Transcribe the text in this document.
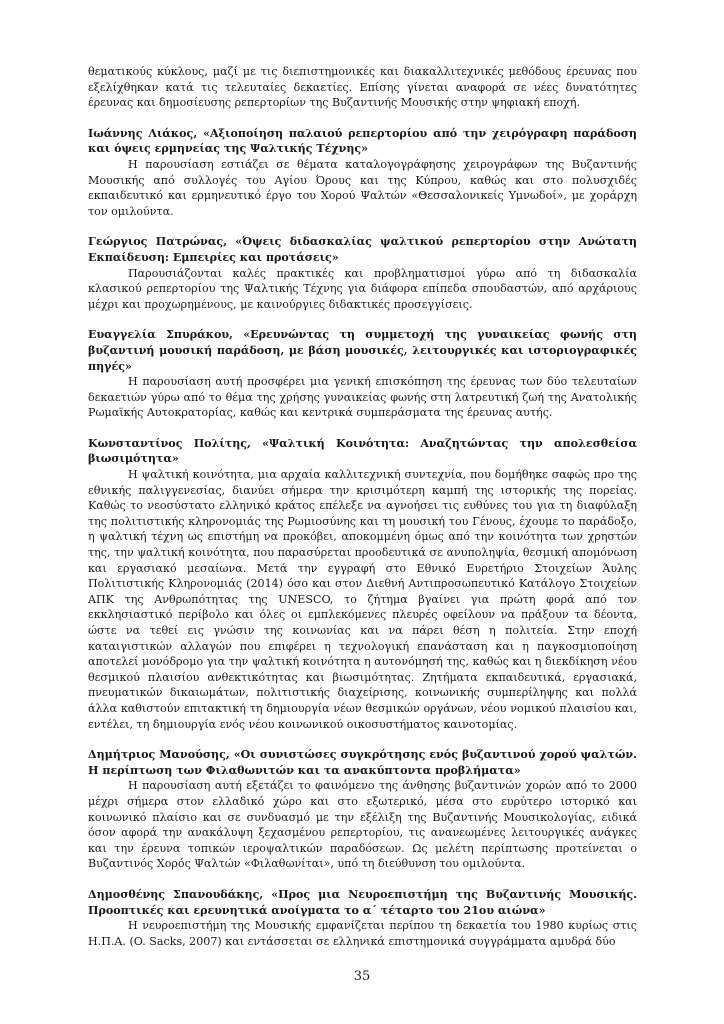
θεματικούς κύκλους, μαζί με τις διεπιστημονικές και διακαλλιτεχνικές μεθόδους έρευνας που εξελίχθηκαν κατά τις τελευταίες δεκαετίες. Επίσης γίνεται αναφορά σε νέες δυνατότητες έρευνας και δημοσίευσης ρεπερτορίων της Βυζαντινής Μουσικής στην ψηφιακή εποχή.

Ιωάννης Λιάκος, «Αξιοποίηση παλαιού ρεπερτορίου από την χειρόγραφη παράδοση και όψεις ερμηνείας της Ψαλτικής Τέχνης»

Η παρουσίαση εστιάζει σε θέματα καταλογογράφησης χειρογράφων της Βυζαντινής Μουσικής από συλλογές του Αγίου Όρους και της Κύπρου, καθώς και στο πολυσχιδές εκπαιδευτικό και ερμηνευτικό έργο του Χορού Ψαλτών «Θεσσαλονικείς Υμνωδοί», με χοράρχη τον ομιλούντα.

Γεώργιος Πατρώνας, «Όψεις διδασκαλίας ψαλτικού ρεπερτορίου στην Ανώτατη Εκπαίδευση: Εμπειρίες και προτάσεις»

Παρουσιάζονται καλές πρακτικές και προβληματισμοί γύρω από τη διδασκαλία κλασικού ρεπερτορίου της Ψαλτικής Τέχνης για διάφορα επίπεδα σπουδαστών, από αρχάριους μέχρι και προχωρημένους, με καινούργιες διδακτικές προσεγγίσεις.

Ευαγγελία Σπυράκου, «Ερευνώντας τη συμμετοχή της γυναικείας φωνής στη βυζαντινή μουσική παράδοση, με βάση μουσικές, λειτουργικές και ιστοριογραφικές πηγές»

Η παρουσίαση αυτή προσφέρει μια γενική επισκόπηση της έρευνας των δύο τελευταίων δεκαετιών γύρω από το θέμα της χρήσης γυναικείας φωνής στη λατρευτική ζωή της Ανατολικής Ρωμαϊκής Αυτοκρατορίας, καθώς και κεντρικά συμπεράσματα της έρευνας αυτής.

Κωνσταντίνος Πολίτης, «Ψαλτική Κοινότητα: Αναζητώντας την απολεσθείσα βιωσιμότητα»

Η ψαλτική κοινότητα, μια αρχαία καλλιτεχνική συντεχνία, που δομήθηκε σαφώς προ της εθνικής παλιγγενεσίας, διανύει σήμερα την κρισιμότερη καμπή της ιστορικής της πορείας. Καθώς το νεοσύστατο ελληνικό κράτος επέλεξε να αγνοήσει τις ευθύνες του για τη διαφύλαξη της πολιτιστικής κληρονομιάς της Ρωμιοσύνης και τη μουσική του Γένους, έχουμε το παράδοξο, η ψαλτική τέχνη ως επιστήμη να προκόβει, αποκομμένη όμως από την κοινότητα των χρηστών της, την ψαλτική κοινότητα, που παρασύρεται προοδευτικά σε ανυποληψία, θεσμική απομόνωση και εργασιακό μεσαίωνα. Μετά την εγγραφή στο Εθνικό Ευρετήριο Στοιχείων Άυλης Πολιτιστικής Κληρονομιάς (2014) όσο και στον Διεθνή Αντιπροσωπευτικό Κατάλογο Στοιχείων ΑΠΚ της Ανθρωπότητας της UNESCO, το ζήτημα βγαίνει για πρώτη φορά από τον εκκλησιαστικό περίβολο και όλες οι εμπλεκόμενες πλευρές οφείλουν να πράξουν τα δέοντα, ώστε να τεθεί εις γνώσιν της κοινωνίας και να πάρει θέση η πολιτεία. Στην εποχή καταιγιστικών αλλαγών που επιφέρει η τεχνολογική επανάσταση και η παγκοσμιοποίηση αποτελεί μονόδρομο για την ψαλτική κοινότητα η αυτονόμησή της, καθώς και η διεκδίκηση νέου θεσμικού πλαισίου ανθεκτικότητας και βιωσιμότητας. Ζητήματα εκπαιδευτικά, εργασιακά, πνευματικών δικαιωμάτων, πολιτιστικής διαχείρισης, κοινωνικής συμπερίληψης και πολλά άλλα καθιστούν επιτακτική τη δημιουργία νέων θεσμικών οργάνων, νέου νομικού πλαισίου και, εντέλει, τη δημιουργία ενός νέου κοινωνικού οικοσυστήματος καινοτομίας.

Δημήτριος Μανούσης, «Οι συνιστώσες συγκρότησης ενός βυζαντινού χορού ψαλτών. Η περίπτωση των Φιλαθωνιτών και τα ανακύπτοντα προβλήματα»

Η παρουσίαση αυτή εξετάζει το φαινόμενο της άνθησης βυζαντινών χορών από το 2000 μέχρι σήμερα στον ελλαδικό χώρο και στο εξωτερικό, μέσα στο ευρύτερο ιστορικό και κοινωνικό πλαίσιο και σε συνδυασμό με την εξέλιξη της Βυζαντινής Μουσικολογίας, ειδικά όσον αφορά την ανακάλυψη ξεχασμένου ρεπερτορίου, τις ανανεωμένες λειτουργικές ανάγκες και την έρευνα τοπικών ιεροψαλτικών παραδόσεων. Ως μελέτη περίπτωσης προτείνεται ο Βυζαντινός Χορός Ψαλτών «Φιλαθωνίται», υπό τη διεύθυνση του ομιλούντα.

Δημοσθένης Σπανουδάκης, «Προς μια Νευροεπιστήμη της Βυζαντινής Μουσικής. Προοπτικές και ερευνητικά ανοίγματα το α΄ τέταρτο του 21ου αιώνα»

Η νευροεπιστήμη της Μουσικής εμφανίζεται περίπου τη δεκαετία του 1980 κυρίως στις Η.Π.Α. (O. Sacks, 2007) και εντάσσεται σε ελληνικά επιστημονικά συγγράμματα αμυδρά δύο

35
